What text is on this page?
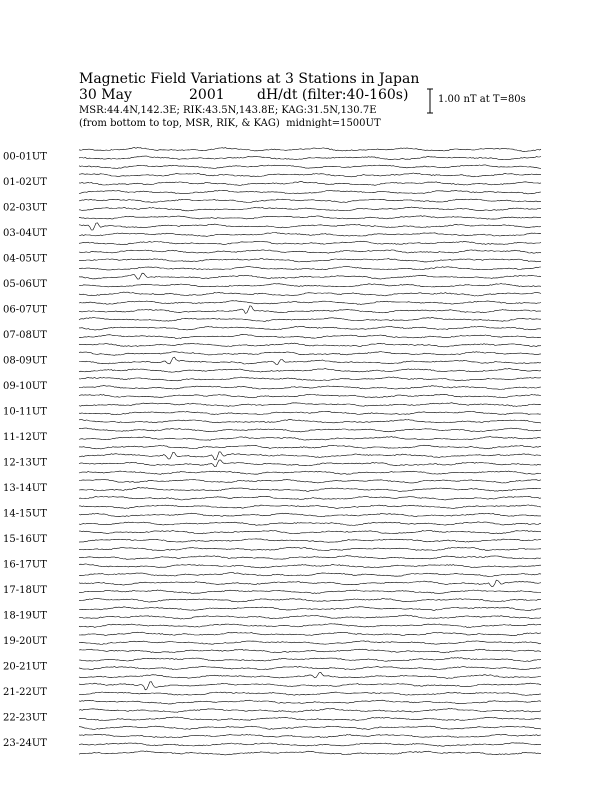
Magnetic Field Variations at 3 Stations in Japan
30 May	2001 dH/dt (filter:40-160s)
MSR:44.4N,142.3E; RIK:43.5N,143.8E; KAG:31.5N,130.7E
(from bottom to top, MSR, RIK, & KAG) midnight=1500UT
1.00 nT at T=80s
00-01UT
01-02UT
02-03UT
03-04UT
04-05UT
05-06UT
06-07UT
07-08UT
08-09UT
09-10UT
10-11UT
11-12UT
12-13UT
13-14UT
14-15UT
15-16UT
16-17UT
17-18UT
18-19UT
19-20UT
20-21UT
21-22UT
22-23UT
23-24UT
